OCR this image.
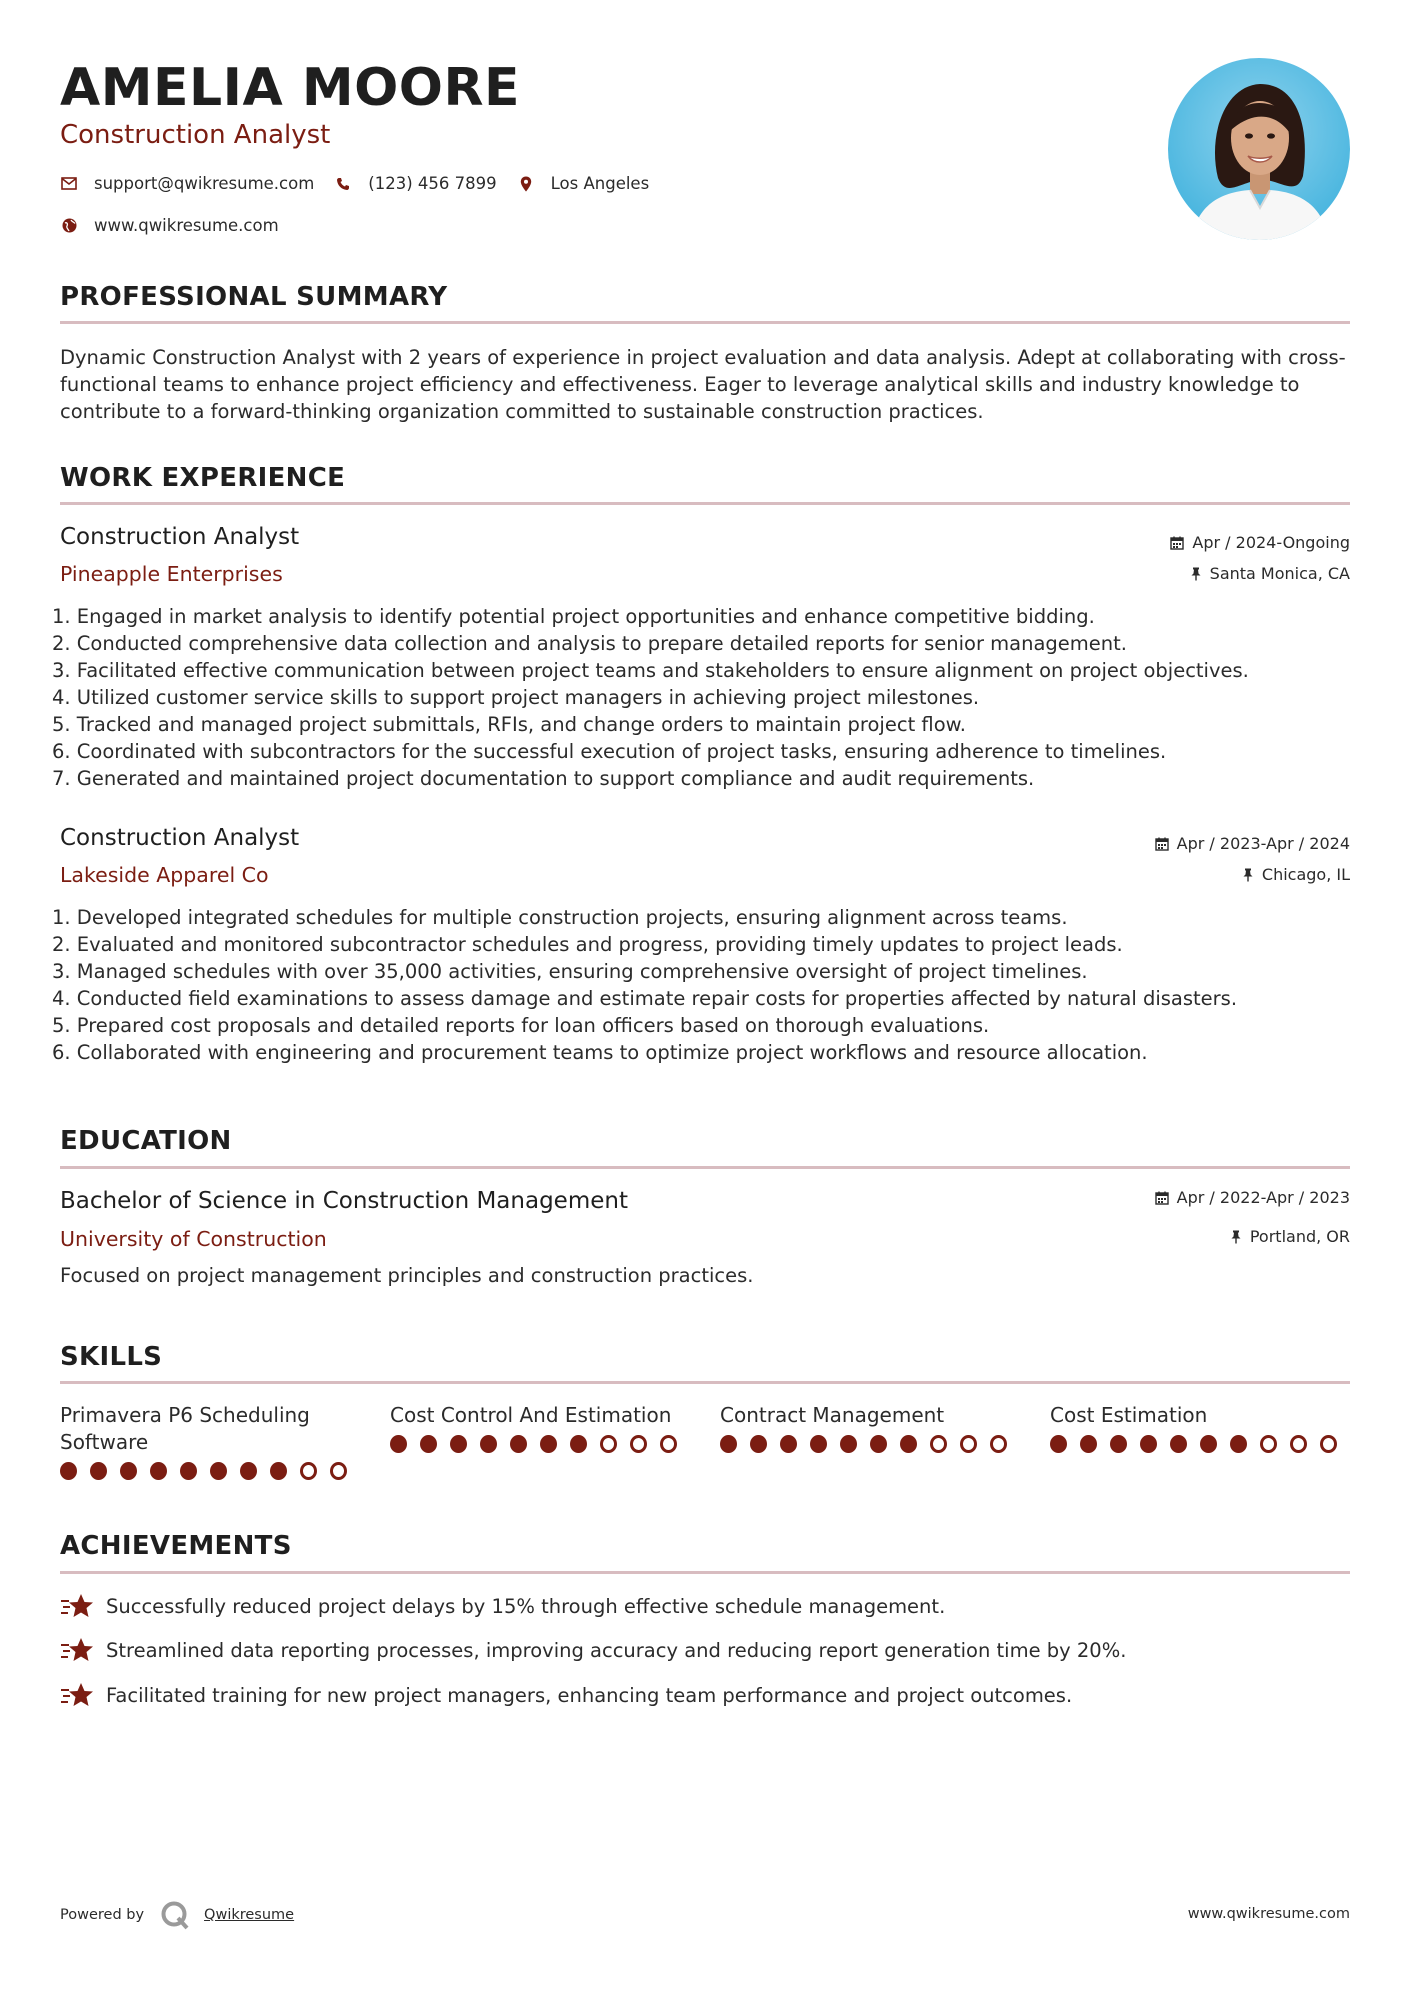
AMELIA MOORE
Construction Analyst
support@qwikresume.com	(123) 456 7899	Los Angeles
www.qwikresume.com
PROFESSIONAL SUMMARY
Dynamic Construction Analyst with 2 years of experience in project evaluation and data analysis. Adept at collaborating with cross-functional teams to enhance project efficiency and effectiveness. Eager to leverage analytical skills and industry knowledge to contribute to a forward-thinking organization committed to sustainable construction practices.
WORK EXPERIENCE
Construction Analyst
Pineapple Enterprises
Apr / 2024-Ongoing
Santa Monica, CA
1. Engaged in market analysis to identify potential project opportunities and enhance competitive bidding.
2. Conducted comprehensive data collection and analysis to prepare detailed reports for senior management.
3. Facilitated effective communication between project teams and stakeholders to ensure alignment on project objectives.
4. Utilized customer service skills to support project managers in achieving project milestones.
5. Tracked and managed project submittals, RFIs, and change orders to maintain project flow.
6. Coordinated with subcontractors for the successful execution of project tasks, ensuring adherence to timelines.
7. Generated and maintained project documentation to support compliance and audit requirements.
Construction Analyst
Lakeside Apparel Co
Apr / 2023-Apr / 2024
Chicago, IL
1. Developed integrated schedules for multiple construction projects, ensuring alignment across teams.
2. Evaluated and monitored subcontractor schedules and progress, providing timely updates to project leads.
3. Managed schedules with over 35,000 activities, ensuring comprehensive oversight of project timelines.
4. Conducted field examinations to assess damage and estimate repair costs for properties affected by natural disasters.
5. Prepared cost proposals and detailed reports for loan officers based on thorough evaluations.
6. Collaborated with engineering and procurement teams to optimize project workflows and resource allocation.
EDUCATION
Bachelor of Science in Construction Management
University of Construction
Apr / 2022-Apr / 2023
Portland, OR
Focused on project management principles and construction practices.
SKILLS
Primavera P6 Scheduling Software
Cost Control And Estimation	Contract Management	Cost Estimation
ACHIEVEMENTS
Successfully reduced project delays by 15% through effective schedule management.
Streamlined data reporting processes, improving accuracy and reducing report generation time by 20%.
Facilitated training for new project managers, enhancing team performance and project outcomes.
Powered by	Qwikresume	www.qwikresume.com
